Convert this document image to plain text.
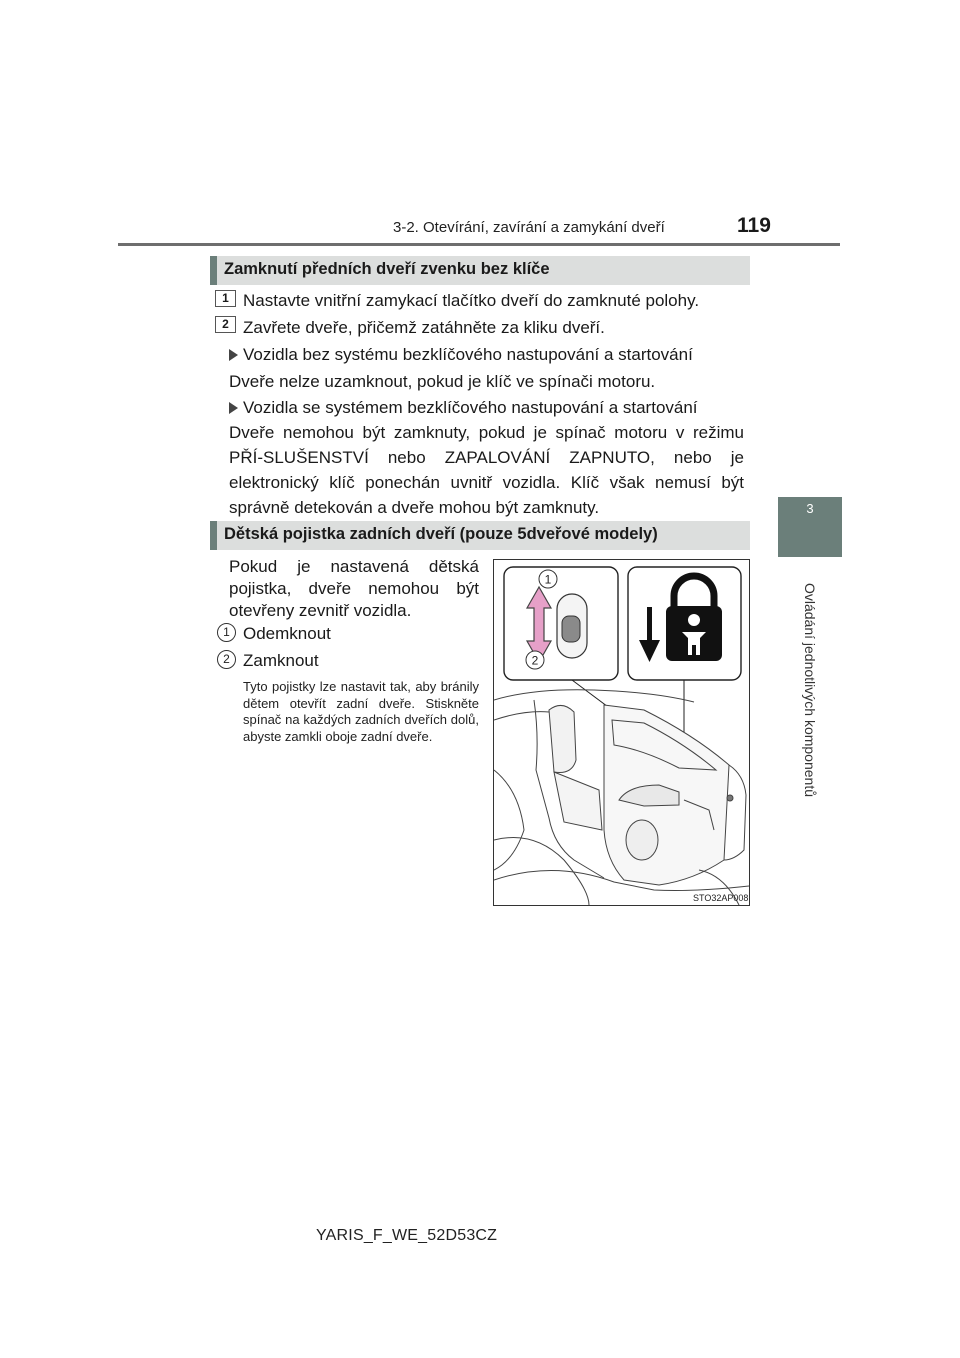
3-2. Otevírání, zavírání a zamykání dveří	119
3
Ovládání jednotlivých komponentů
Zamknutí předních dveří zvenku bez klíče
1 Nastavte vnitřní zamykací tlačítko dveří do zamknuté polohy.
2 Zavřete dveře, přičemž zatáhněte za kliku dveří.
Vozidla bez systému bezklíčového nastupování a startování
Dveře nelze uzamknout, pokud je klíč ve spínači motoru.
Vozidla se systémem bezklíčového nastupování a startování
Dveře nemohou být zamknuty, pokud je spínač motoru v režimu PŘÍ-SLUŠENSTVÍ nebo ZAPALOVÁNÍ ZAPNUTO, nebo je elektronický klíč ponechán uvnitř vozidla. Klíč však nemusí být správně detekován a dveře mohou být zamknuty.
Dětská pojistka zadních dveří (pouze 5dveřové modely)
Pokud je nastavená dětská pojistka, dveře nemohou být otevřeny zevnitř vozidla.
1 Odemknout
2 Zamknout
Tyto pojistky lze nastavit tak, aby bránily dětem otevřít zadní dveře. Stiskněte spínač na každých zadních dveřích dolů, abyste zamkli oboje zadní dveře.
1
2
STO32AP008
YARIS_F_WE_52D53CZ
